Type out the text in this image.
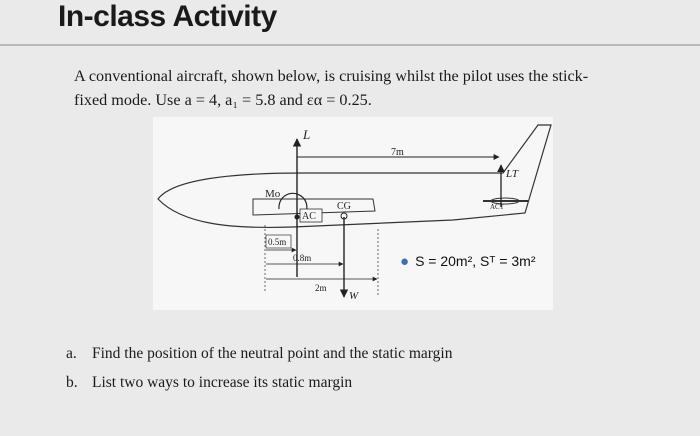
In-class Activity
A conventional aircraft, shown below, is cruising whilst the pilot uses the stick-
fixed mode. Use a = 4, a₁ = 5.8 and εα = 0.25.
L
7m
LT
ACT
Mo
AC
CG
W
0.5m
0.8m
2m
● S = 20m², Sᵀ = 3m²
a. Find the position of the neutral point and the static margin
b. List two ways to increase its static margin
